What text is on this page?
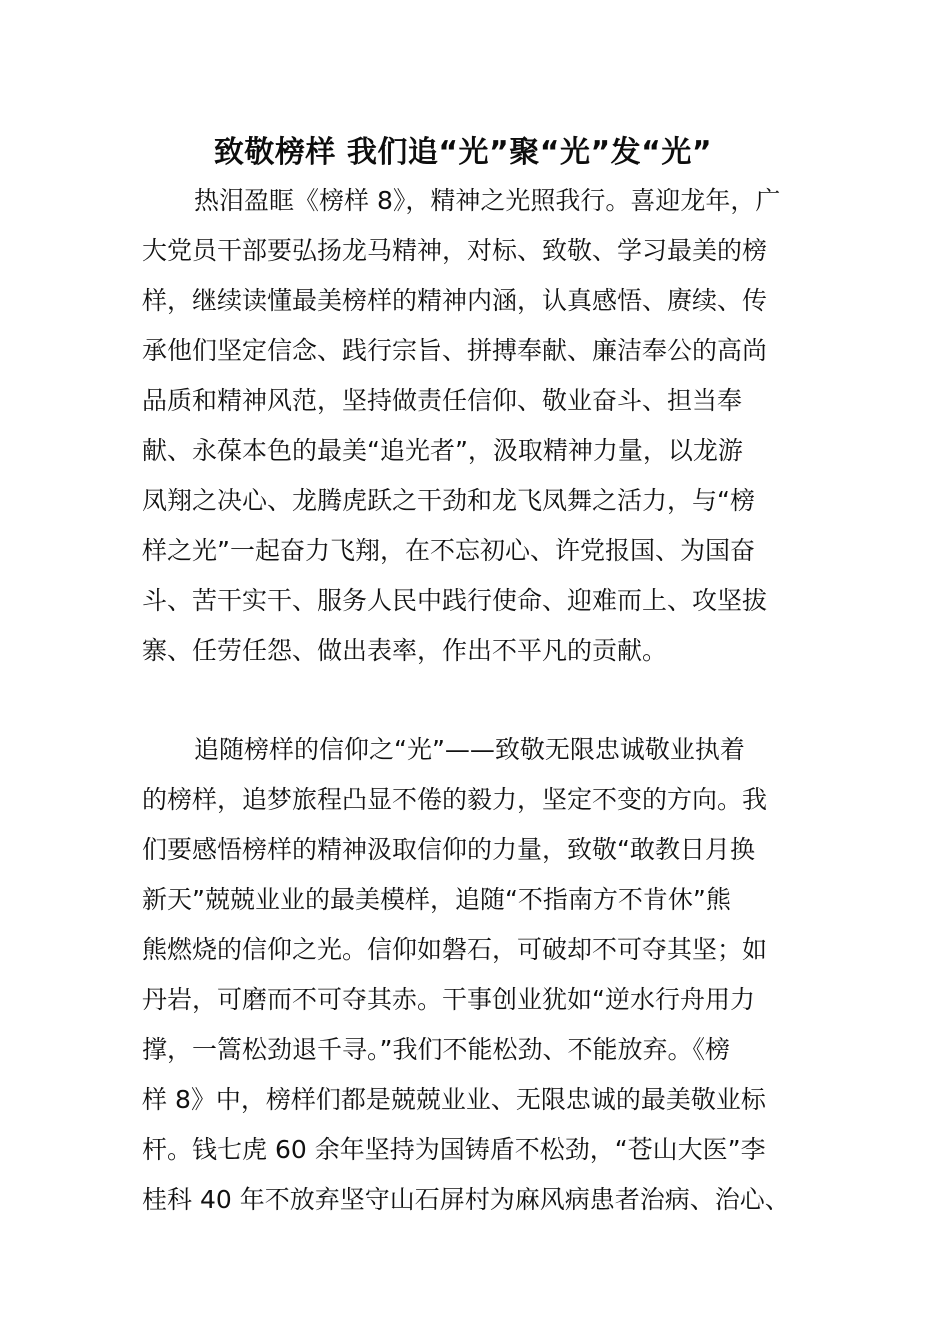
致敬榜样 我们追“光”聚“光”发“光”
热泪盈眶《榜样 8》，精神之光照我行。喜迎龙年，广
大党员干部要弘扬龙马精神，对标、致敬、学习最美的榜
样，继续读懂最美榜样的精神内涵，认真感悟、赓续、传
承他们坚定信念、践行宗旨、拼搏奉献、廉洁奉公的高尚
品质和精神风范，坚持做责任信仰、敬业奋斗、担当奉
献、永葆本色的最美“追光者”，汲取精神力量，以龙游
凤翔之决心、龙腾虎跃之干劲和龙飞凤舞之活力，与“榜
样之光”一起奋力飞翔，在不忘初心、许党报国、为国奋
斗、苦干实干、服务人民中践行使命、迎难而上、攻坚拔
寨、任劳任怨、做出表率，作出不平凡的贡献。
追随榜样的信仰之“光”——致敬无限忠诚敬业执着
的榜样，追梦旅程凸显不倦的毅力，坚定不变的方向。我
们要感悟榜样的精神汲取信仰的力量，致敬“敢教日月换
新天”兢兢业业的最美模样，追随“不指南方不肯休”熊
熊燃烧的信仰之光。信仰如磐石，可破却不可夺其坚；如
丹岩，可磨而不可夺其赤。干事创业犹如“逆水行舟用力
撑，一篙松劲退千寻。”我们不能松劲、不能放弃。《榜
样 8》中，榜样们都是兢兢业业、无限忠诚的最美敬业标
杆。钱七虎 60 余年坚持为国铸盾不松劲，“苍山大医”李
桂科 40 年不放弃坚守山石屏村为麻风病患者治病、治心、
